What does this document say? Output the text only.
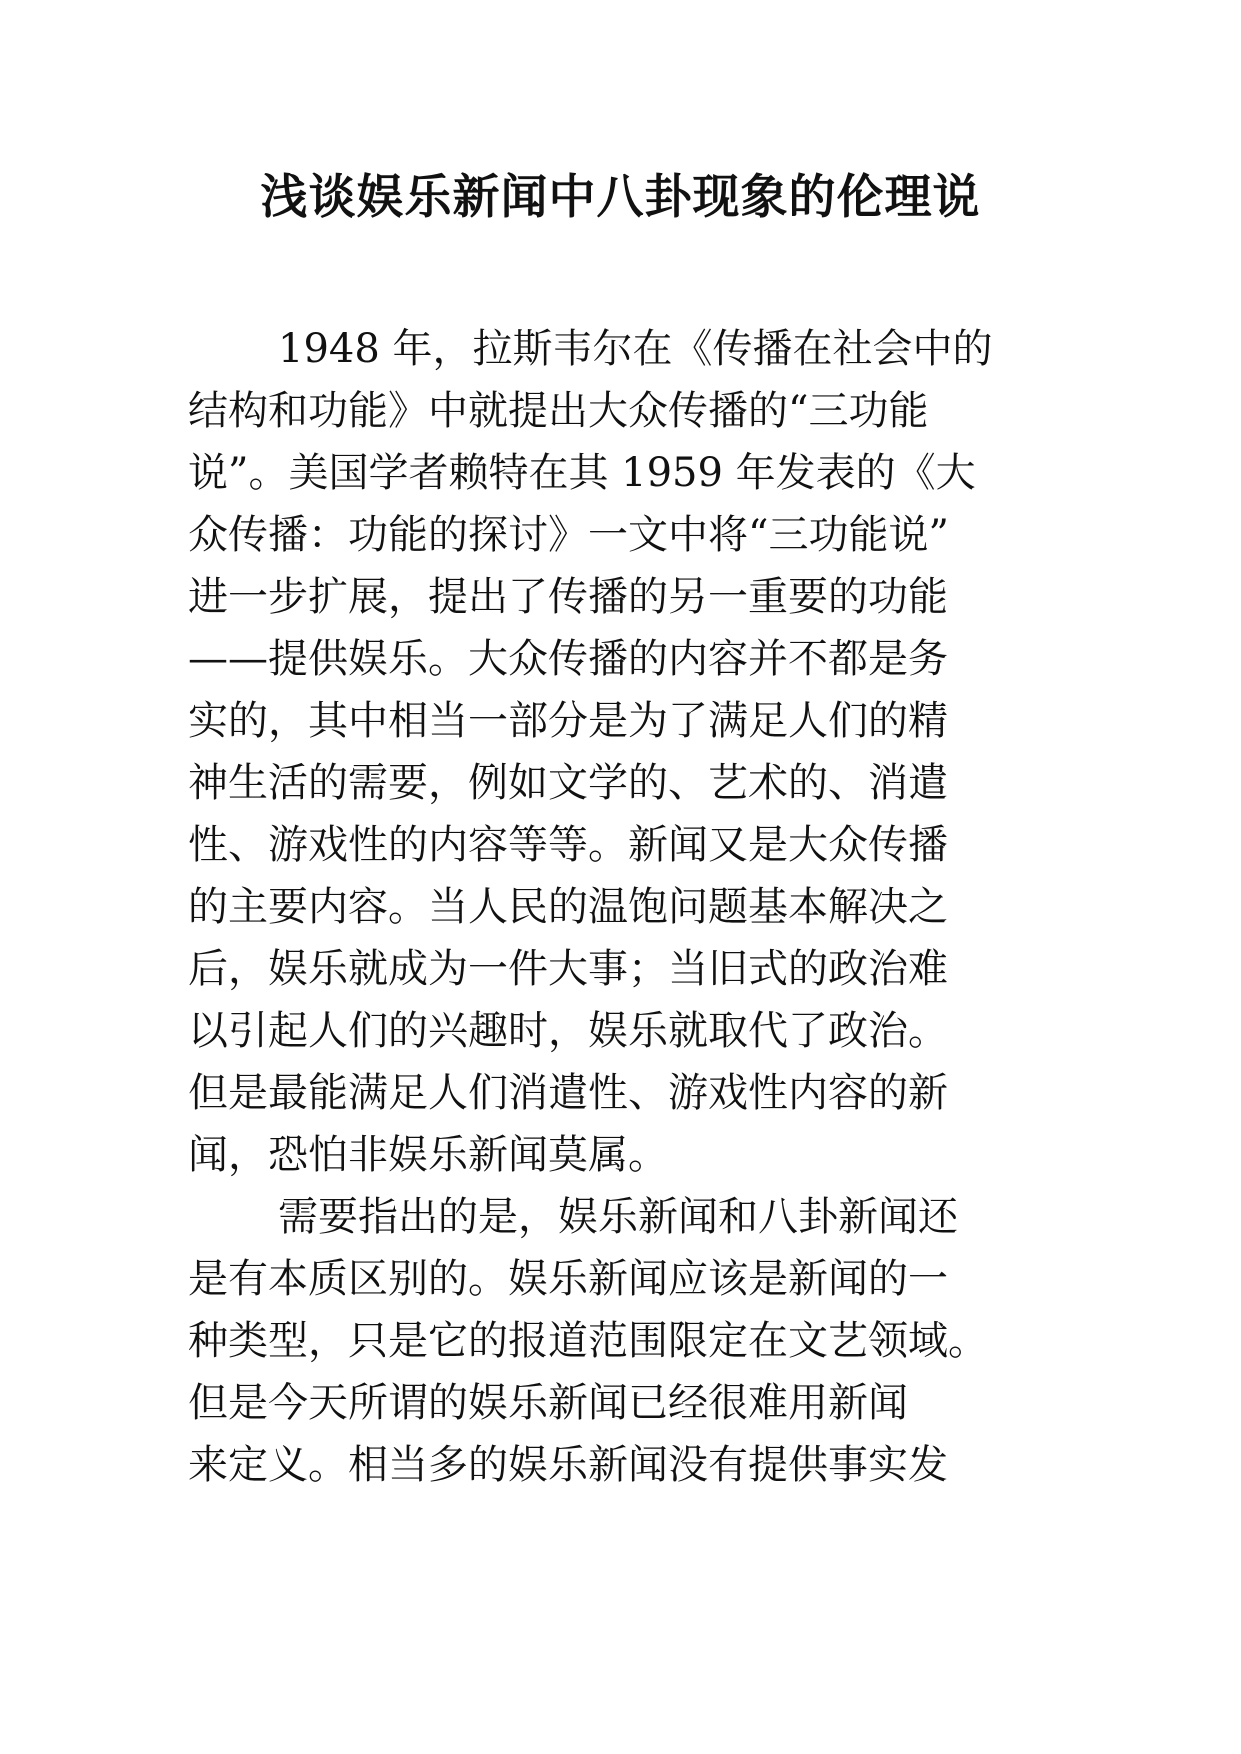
浅谈娱乐新闻中八卦现象的伦理说
1948 年，拉斯韦尔在《传播在社会中的
结构和功能》中就提出大众传播的“三功能
说”。美国学者赖特在其 1959 年发表的《大
众传播：功能的探讨》一文中将“三功能说”
进一步扩展，提出了传播的另一重要的功能
——提供娱乐。大众传播的内容并不都是务
实的，其中相当一部分是为了满足人们的精
神生活的需要，例如文学的、艺术的、消遣
性、游戏性的内容等等。新闻又是大众传播
的主要内容。当人民的温饱问题基本解决之
后，娱乐就成为一件大事；当旧式的政治难
以引起人们的兴趣时，娱乐就取代了政治。
但是最能满足人们消遣性、游戏性内容的新
闻，恐怕非娱乐新闻莫属。
需要指出的是，娱乐新闻和八卦新闻还
是有本质区别的。娱乐新闻应该是新闻的一
种类型，只是它的报道范围限定在文艺领域。
但是今天所谓的娱乐新闻已经很难用新闻
来定义。相当多的娱乐新闻没有提供事实发
